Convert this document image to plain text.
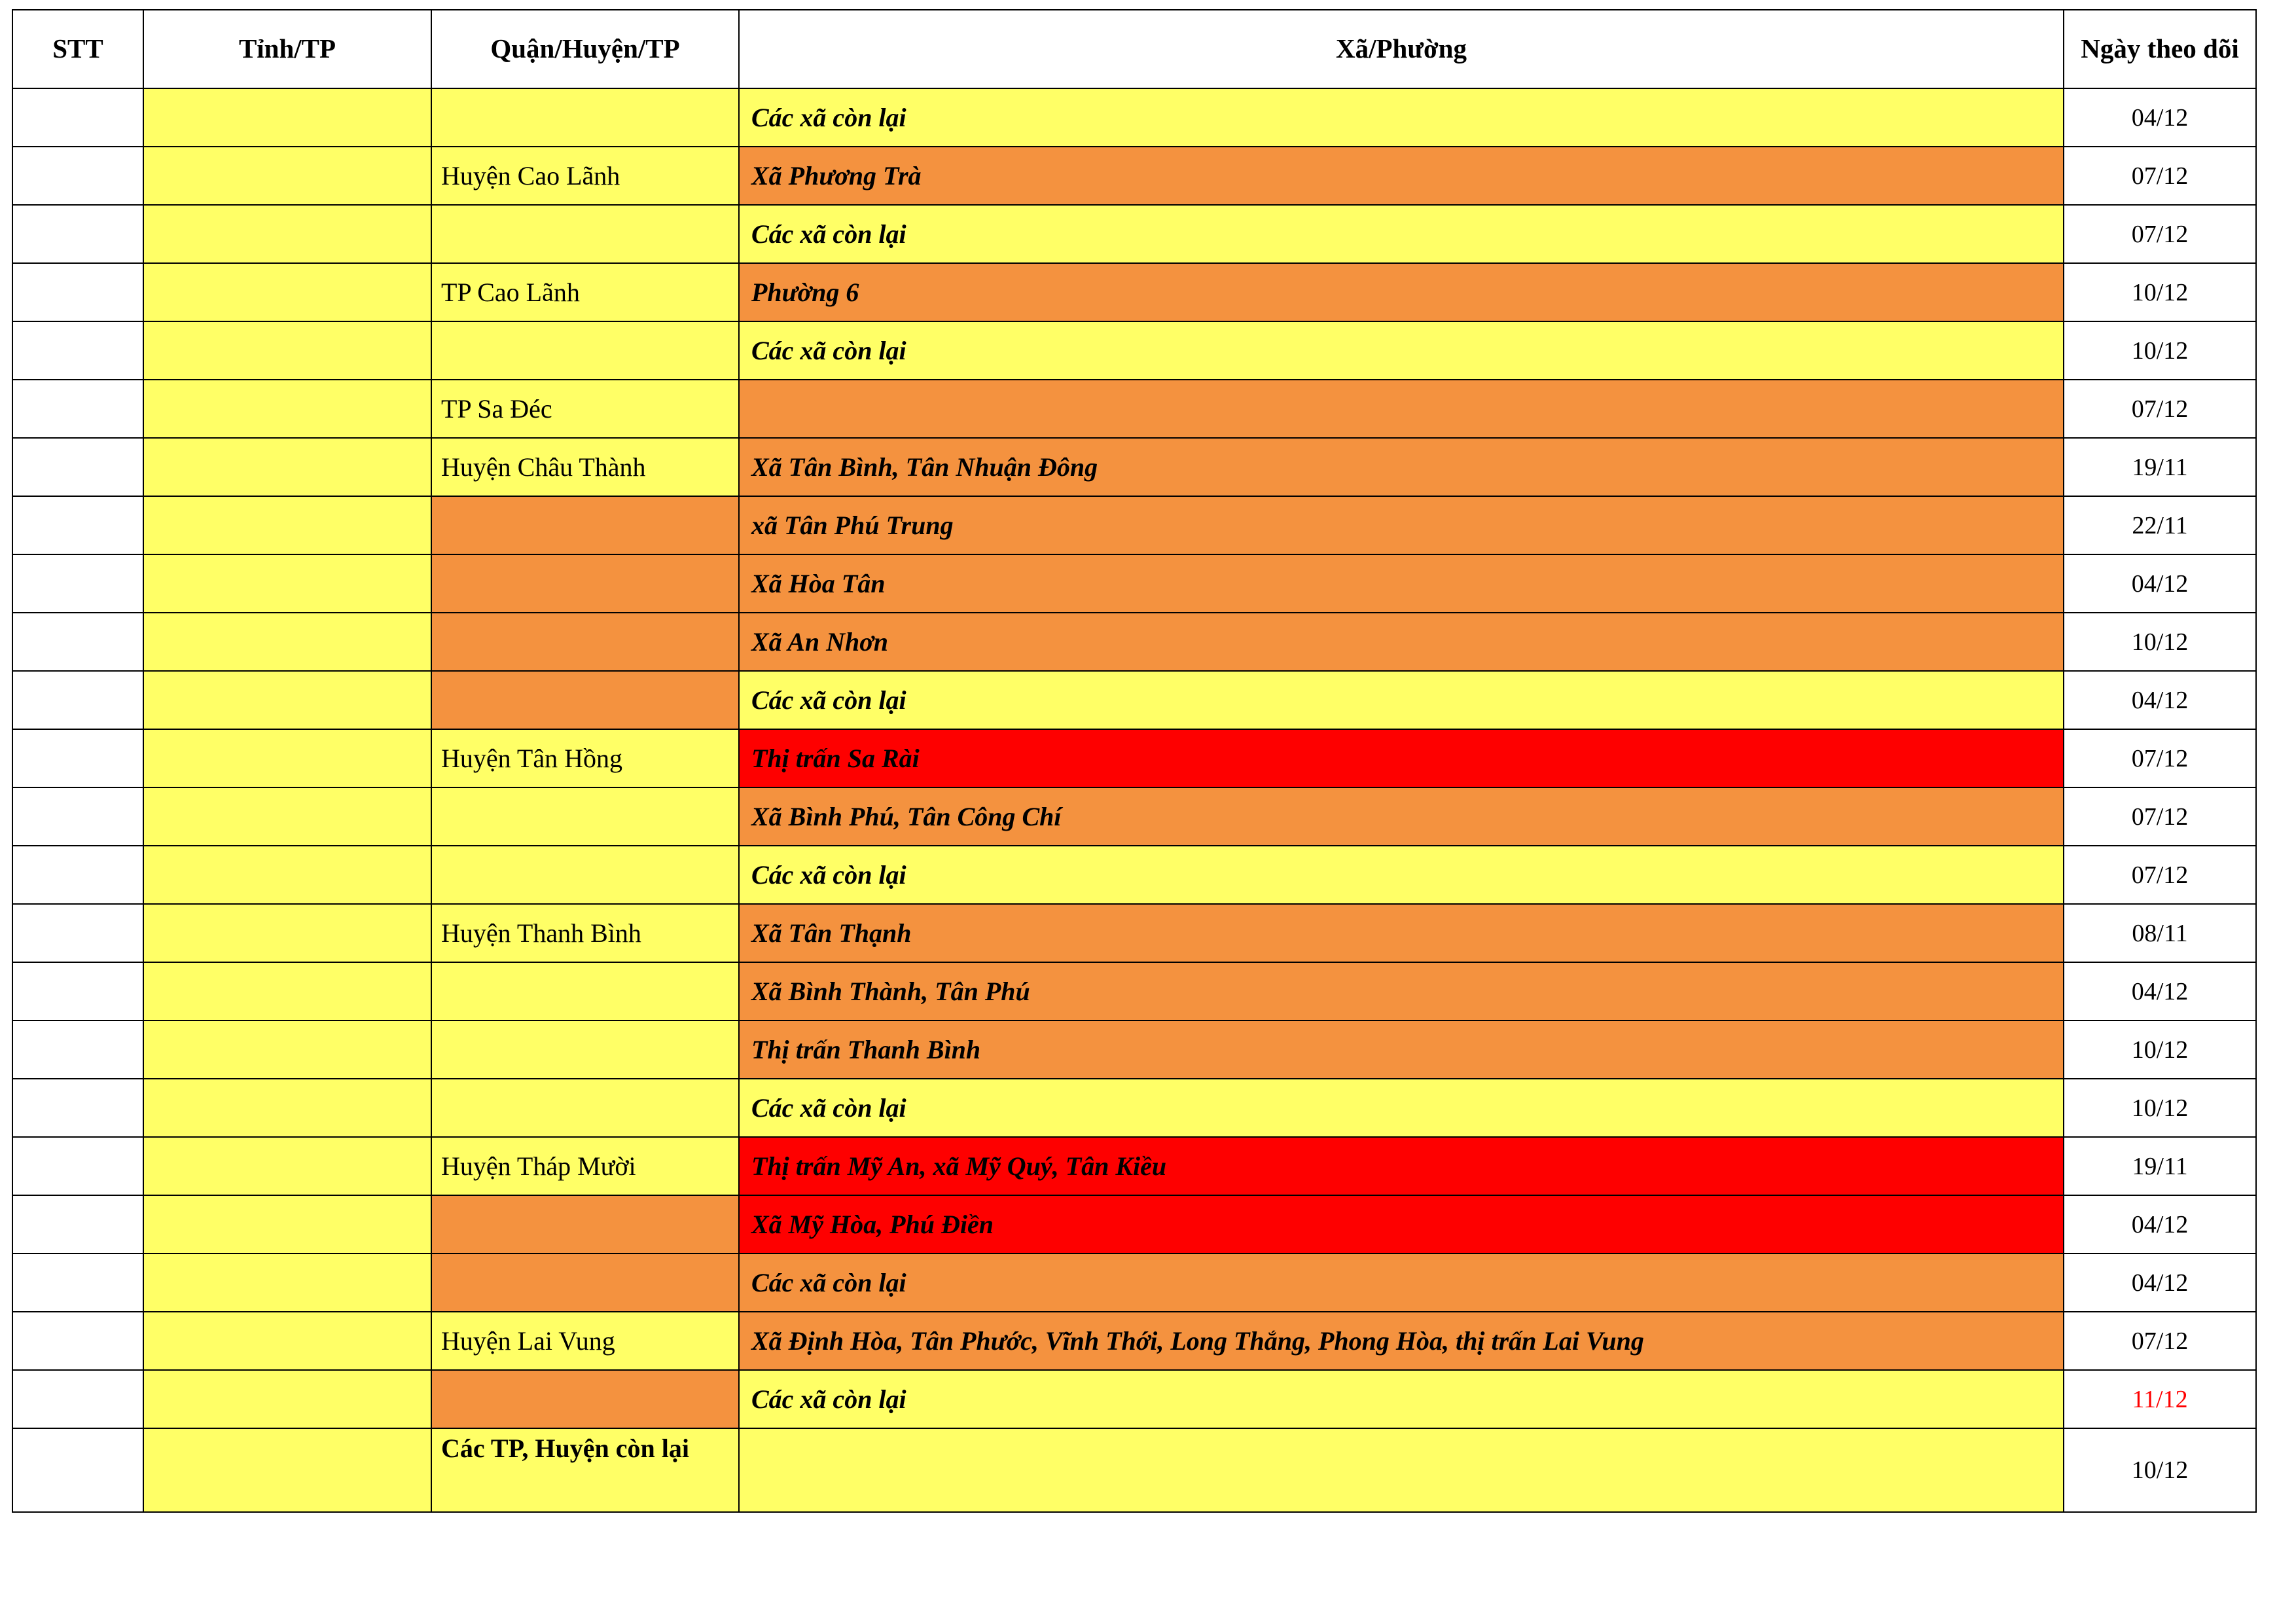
STT	Tỉnh/TP	Quận/Huyện/TP	Xã/Phường	Ngày theo dõi
			Các xã còn lại	04/12
		Huyện Cao Lãnh	Xã Phương Trà	07/12
			Các xã còn lại	07/12
		TP Cao Lãnh	Phường 6	10/12
			Các xã còn lại	10/12
		TP Sa Đéc		07/12
		Huyện Châu Thành	Xã Tân Bình, Tân Nhuận Đông	19/11
			xã Tân Phú Trung	22/11
			Xã Hòa Tân	04/12
			Xã An Nhơn	10/12
			Các xã còn lại	04/12
		Huyện Tân Hồng	Thị trấn Sa Rài	07/12
			Xã Bình Phú, Tân Công Chí	07/12
			Các xã còn lại	07/12
		Huyện Thanh Bình	Xã Tân Thạnh	08/11
			Xã Bình Thành, Tân Phú	04/12
			Thị trấn Thanh Bình	10/12
			Các xã còn lại	10/12
		Huyện Tháp Mười	Thị trấn Mỹ An, xã Mỹ Quý, Tân Kiều	19/11
			Xã Mỹ Hòa, Phú Điền	04/12
			Các xã còn lại	04/12
		Huyện Lai Vung	Xã Định Hòa, Tân Phước, Vĩnh Thới, Long Thắng, Phong Hòa, thị trấn Lai Vung	07/12
			Các xã còn lại	11/12
		Các TP, Huyện còn lại		10/12
